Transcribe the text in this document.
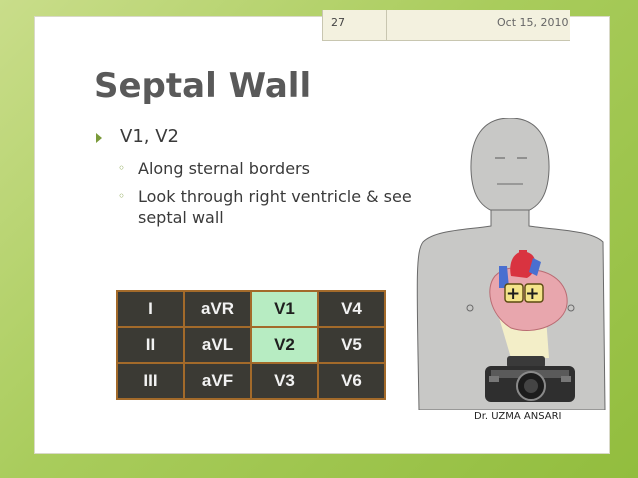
27	Oct 15, 2010
Septal Wall
V1, V2
◦ Along sternal borders
◦ Look through right ventricle & see
septal wall
I	aVR	V1	V4
II	aVL	V2	V5
III	aVF	V3	V6
++
Dr. UZMA ANSARI
